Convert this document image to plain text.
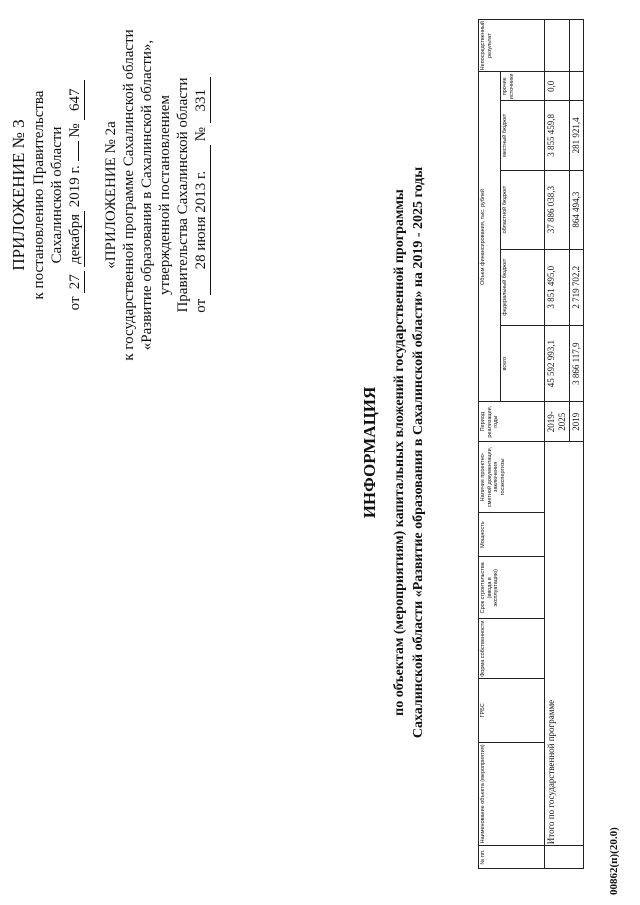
ПРИЛОЖЕНИЕ № 3 к постановлению Правительства Сахалинской области
от 27 декабря 2019 г.  № 647
«ПРИЛОЖЕНИЕ № 2а к государственной программе Сахалинской области «Развитие образования в Сахалинской области», утвержденной постановлением Правительства Сахалинской области от 28 июня 2013 г. № 331
ИНФОРМАЦИЯ по объектам (мероприятиям) капитальных вложений государственной программы Сахалинской области «Развитие образования в Сахалинской области» на 2019 - 2025 годы
№ пп.	Наименование объекта (мероприятия)	ГРБС	Форма собственности	Срок строительства (ввода в эксплуатацию)	Мощность	Наличие проектно-сметной документации, заключения госэкспертизы	Период реализации, годы	Объем финансирования, тыс. рублей					Непосредственный результат
								всего	федеральный бюджет	областной бюджет	местный бюджет	прочие источники	
	Итого по государственной программе						2019-2025	45 592 993,1	3 851 495,0	37 886 038,3	3 855 459,8	0,0	
							2019	3 866 117,9	2 719 702,2	864 494,3	281 921,4		
00862(п)(20.0)
